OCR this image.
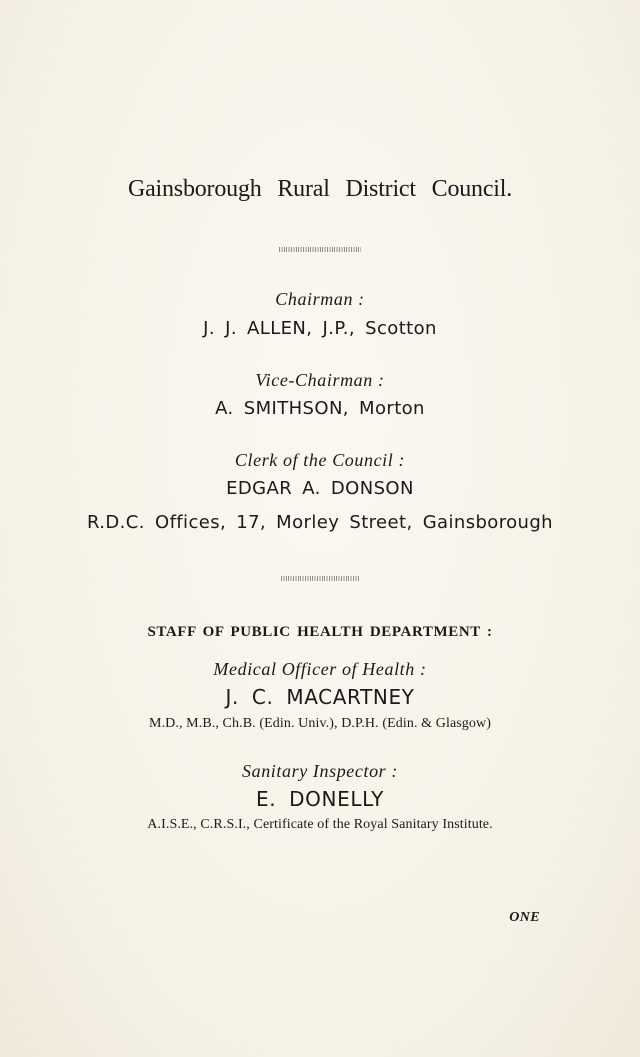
Gainsborough Rural District Council.
Chairman :
J. J. ALLEN, J.P., Scotton
Vice-Chairman :
A. SMITHSON, Morton
Clerk of the Council :
EDGAR A. DONSON
R.D.C. Offices, 17, Morley Street, Gainsborough
STAFF OF PUBLIC HEALTH DEPARTMENT :
Medical Officer of Health :
J. C. MACARTNEY
M.D., M.B., Ch.B. (Edin. Univ.), D.P.H. (Edin. & Glasgow)
Sanitary Inspector :
E. DONELLY
A.I.S.E., C.R.S.I., Certificate of the Royal Sanitary Institute.
ONE
